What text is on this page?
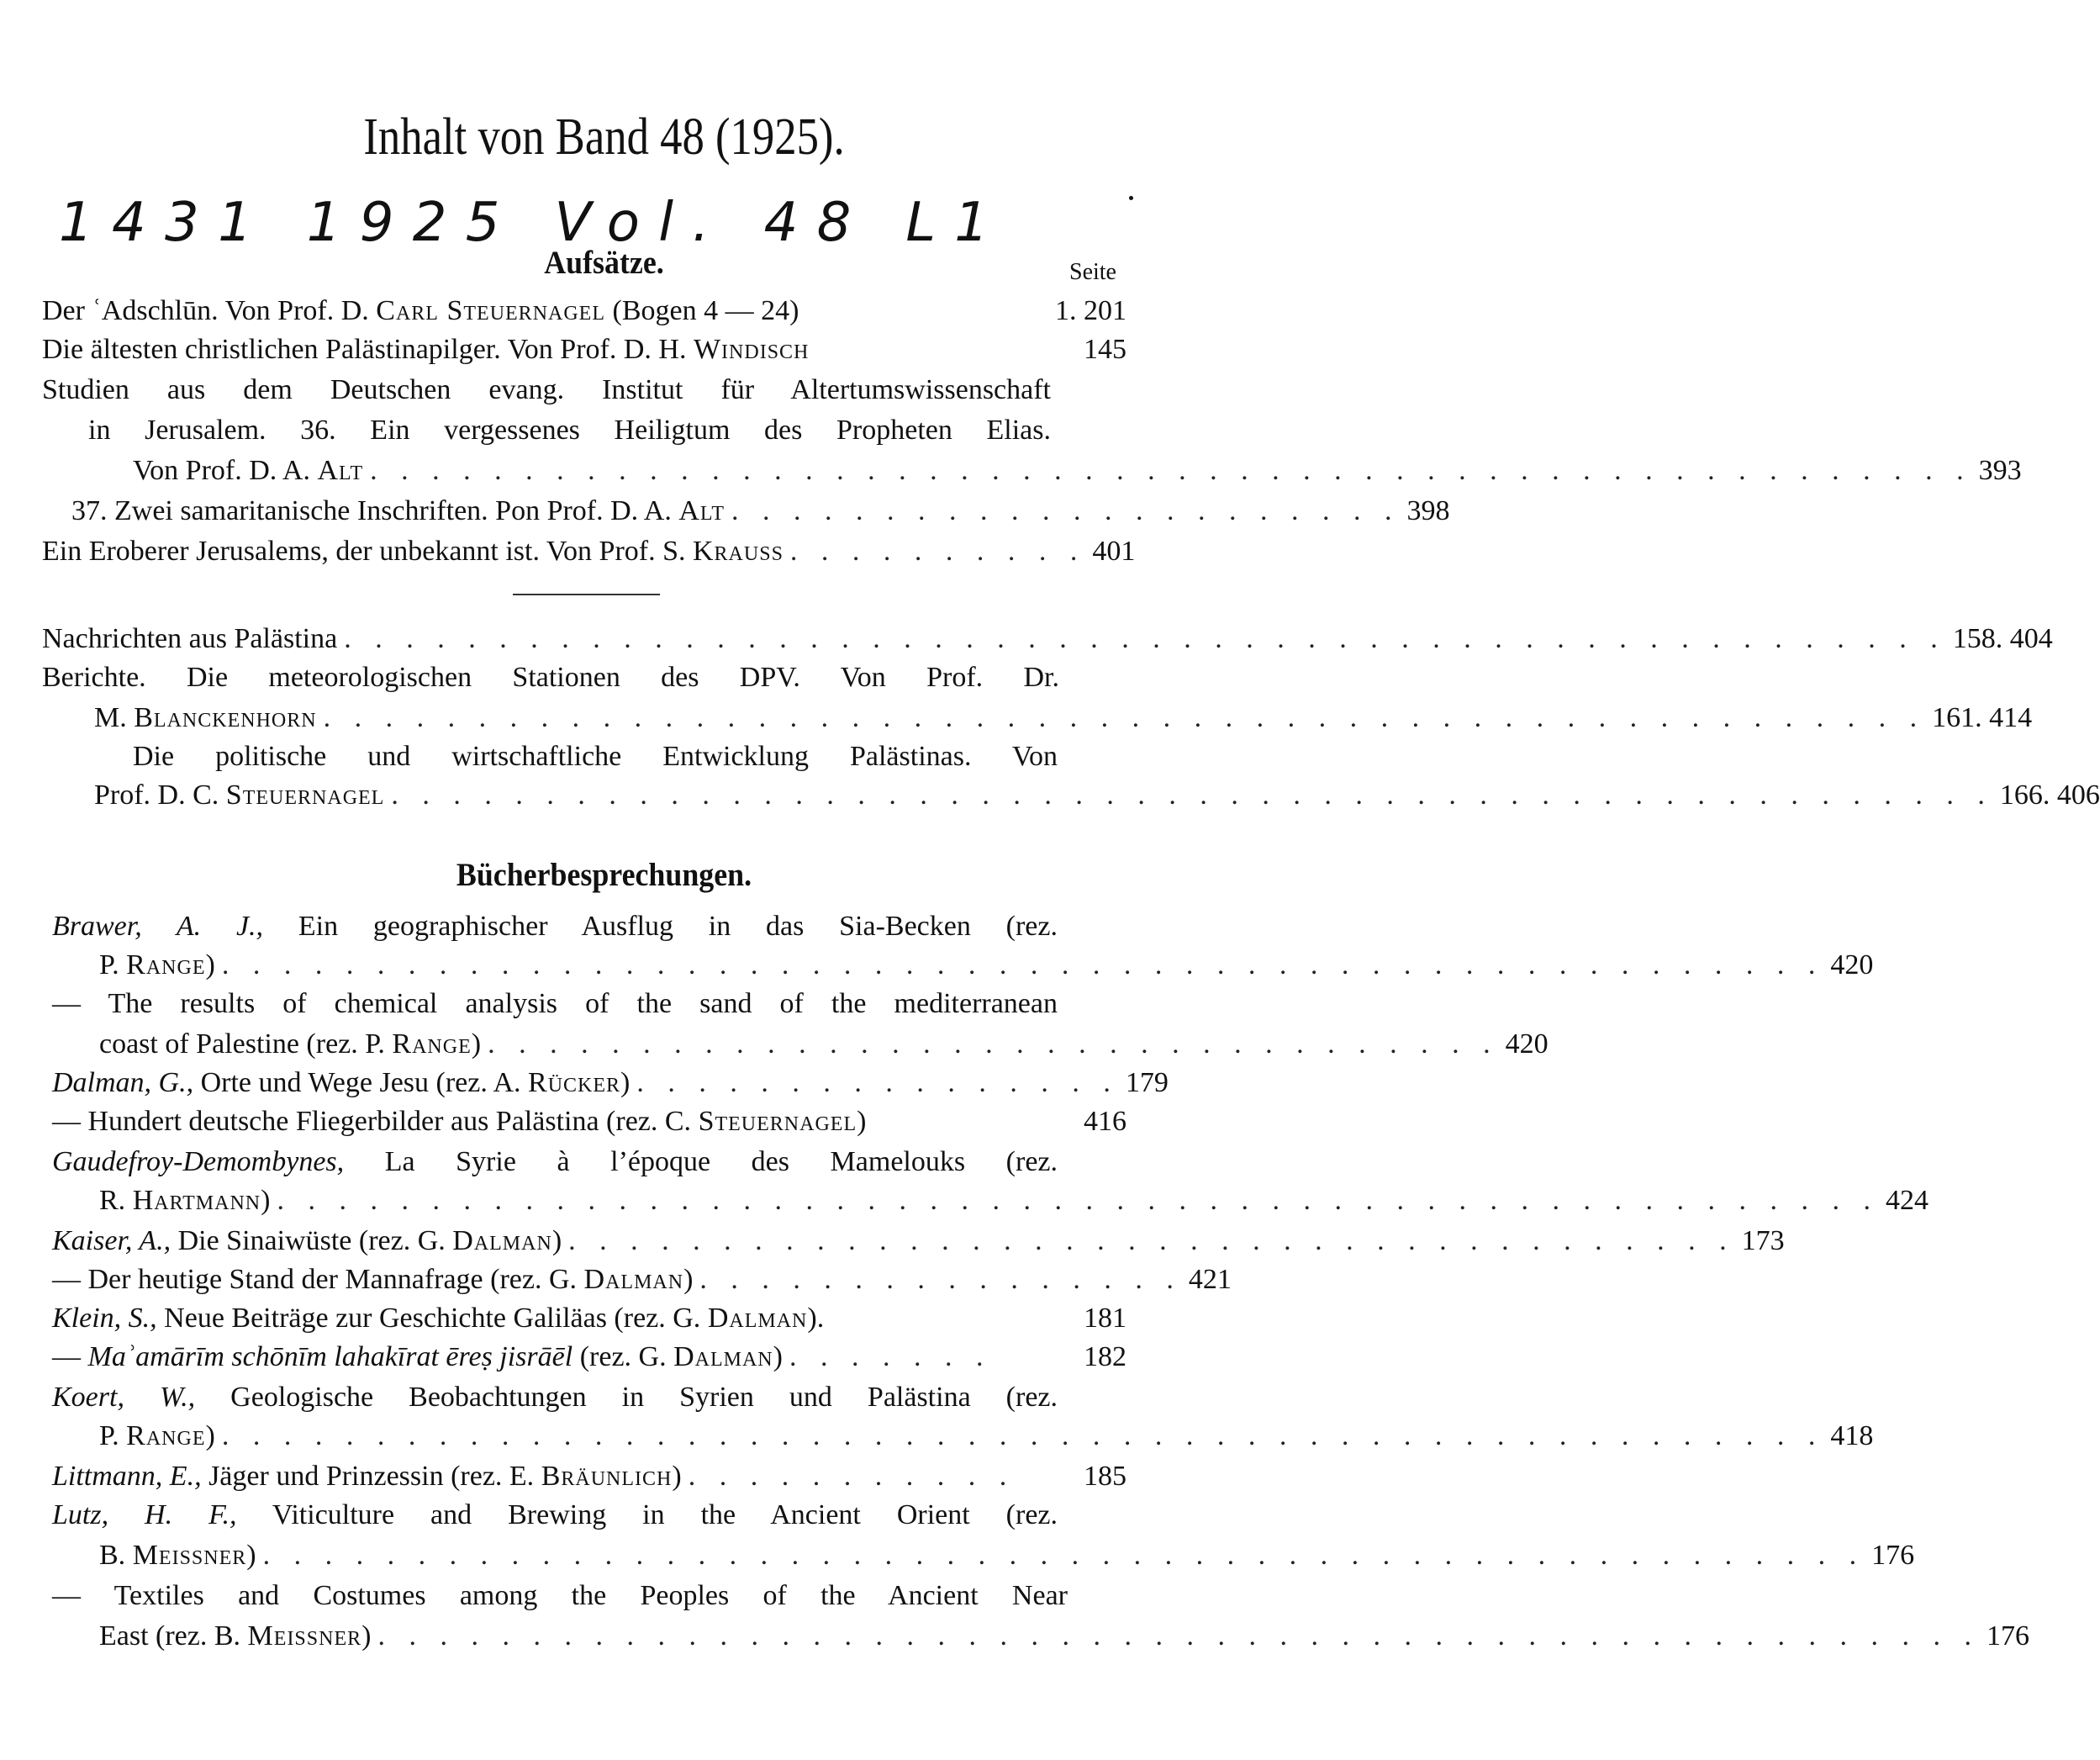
Inhalt von Band 48 (1925).
1431 1925 Vol. 48 L1
Aufsätze.	Seite
Der ʿAdschlūn. Von Prof. D. Carl Steuernagel (Bogen 4 — 24)	1. 201
Die ältesten christlichen Palästinapilger. Von Prof. D. H. Windisch	145
Studien aus dem Deutschen evang. Institut für Altertumswissenschaft
in Jerusalem. 36. Ein vergessenes Heiligtum des Propheten Elias.
Von Prof. D. A. Alt . . . . . . . . . . . . . . . . . . . . . . . . . . . . . . . . . . . . . . . . . . . . . . . . . . . . 393
37. Zwei samaritanische Inschriften. Pon Prof. D. A. Alt . . . . . . . . . . . . . . . . . . . . . . 398
Ein Eroberer Jerusalems, der unbekannt ist. Von Prof. S. Krauss . . . . . . . . . . 401
Nachrichten aus Palästina . . . . . . . . . . . . . . . . . . . . . . . . . . . . . . . . . . . . . . . . . . . . . . . . . . . . 158. 404
Berichte. Die meteorologischen Stationen des DPV. Von Prof. Dr.
M. Blanckenhorn . . . . . . . . . . . . . . . . . . . . . . . . . . . . . . . . . . . . . . . . . . . . . . . . . . . . 161. 414
Die politische und wirtschaftliche Entwicklung Palästinas. Von
Prof. D. C. Steuernagel . . . . . . . . . . . . . . . . . . . . . . . . . . . . . . . . . . . . . . . . . . . . . . . . . . . . 166. 406
Bücherbesprechungen.
Brawer, A. J., Ein geographischer Ausflug in das Sia-Becken (rez.
P. Range) . . . . . . . . . . . . . . . . . . . . . . . . . . . . . . . . . . . . . . . . . . . . . . . . . . . . 420
— The results of chemical analysis of the sand of the mediterranean
coast of Palestine (rez. P. Range) . . . . . . . . . . . . . . . . . . . . . . . . . . . . . . . . . 420
Dalman, G., Orte und Wege Jesu (rez. A. Rücker) . . . . . . . . . . . . . . . . 179
— Hundert deutsche Fliegerbilder aus Palästina (rez. C. Steuernagel)	416
Gaudefroy-Demombynes, La Syrie à l’époque des Mamelouks (rez.
R. Hartmann) . . . . . . . . . . . . . . . . . . . . . . . . . . . . . . . . . . . . . . . . . . . . . . . . . . . . 424
Kaiser, A., Die Sinaiwüste (rez. G. Dalman) . . . . . . . . . . . . . . . . . . . . . . . . . . . . . . . . . . . . . . 173
— Der heutige Stand der Mannafrage (rez. G. Dalman) . . . . . . . . . . . . . . . . 421
Klein, S., Neue Beiträge zur Geschichte Galiläas (rez. G. Dalman).	181
— Maʾamārīm schōnīm lahakīrat ēreṣ jisrāēl (rez. G. Dalman) . . . . . . .	182
Koert, W., Geologische Beobachtungen in Syrien und Palästina (rez.
P. Range) . . . . . . . . . . . . . . . . . . . . . . . . . . . . . . . . . . . . . . . . . . . . . . . . . . . . 418
Littmann, E., Jäger und Prinzessin (rez. E. Bräunlich) . . . . . . . . . . .	185
Lutz, H. F., Viticulture and Brewing in the Ancient Orient (rez.
B. Meissner) . . . . . . . . . . . . . . . . . . . . . . . . . . . . . . . . . . . . . . . . . . . . . . . . . . . . 176
— Textiles and Costumes among the Peoples of the Ancient Near
East (rez. B. Meissner) . . . . . . . . . . . . . . . . . . . . . . . . . . . . . . . . . . . . . . . . . . . . . . . . . . . . 176
